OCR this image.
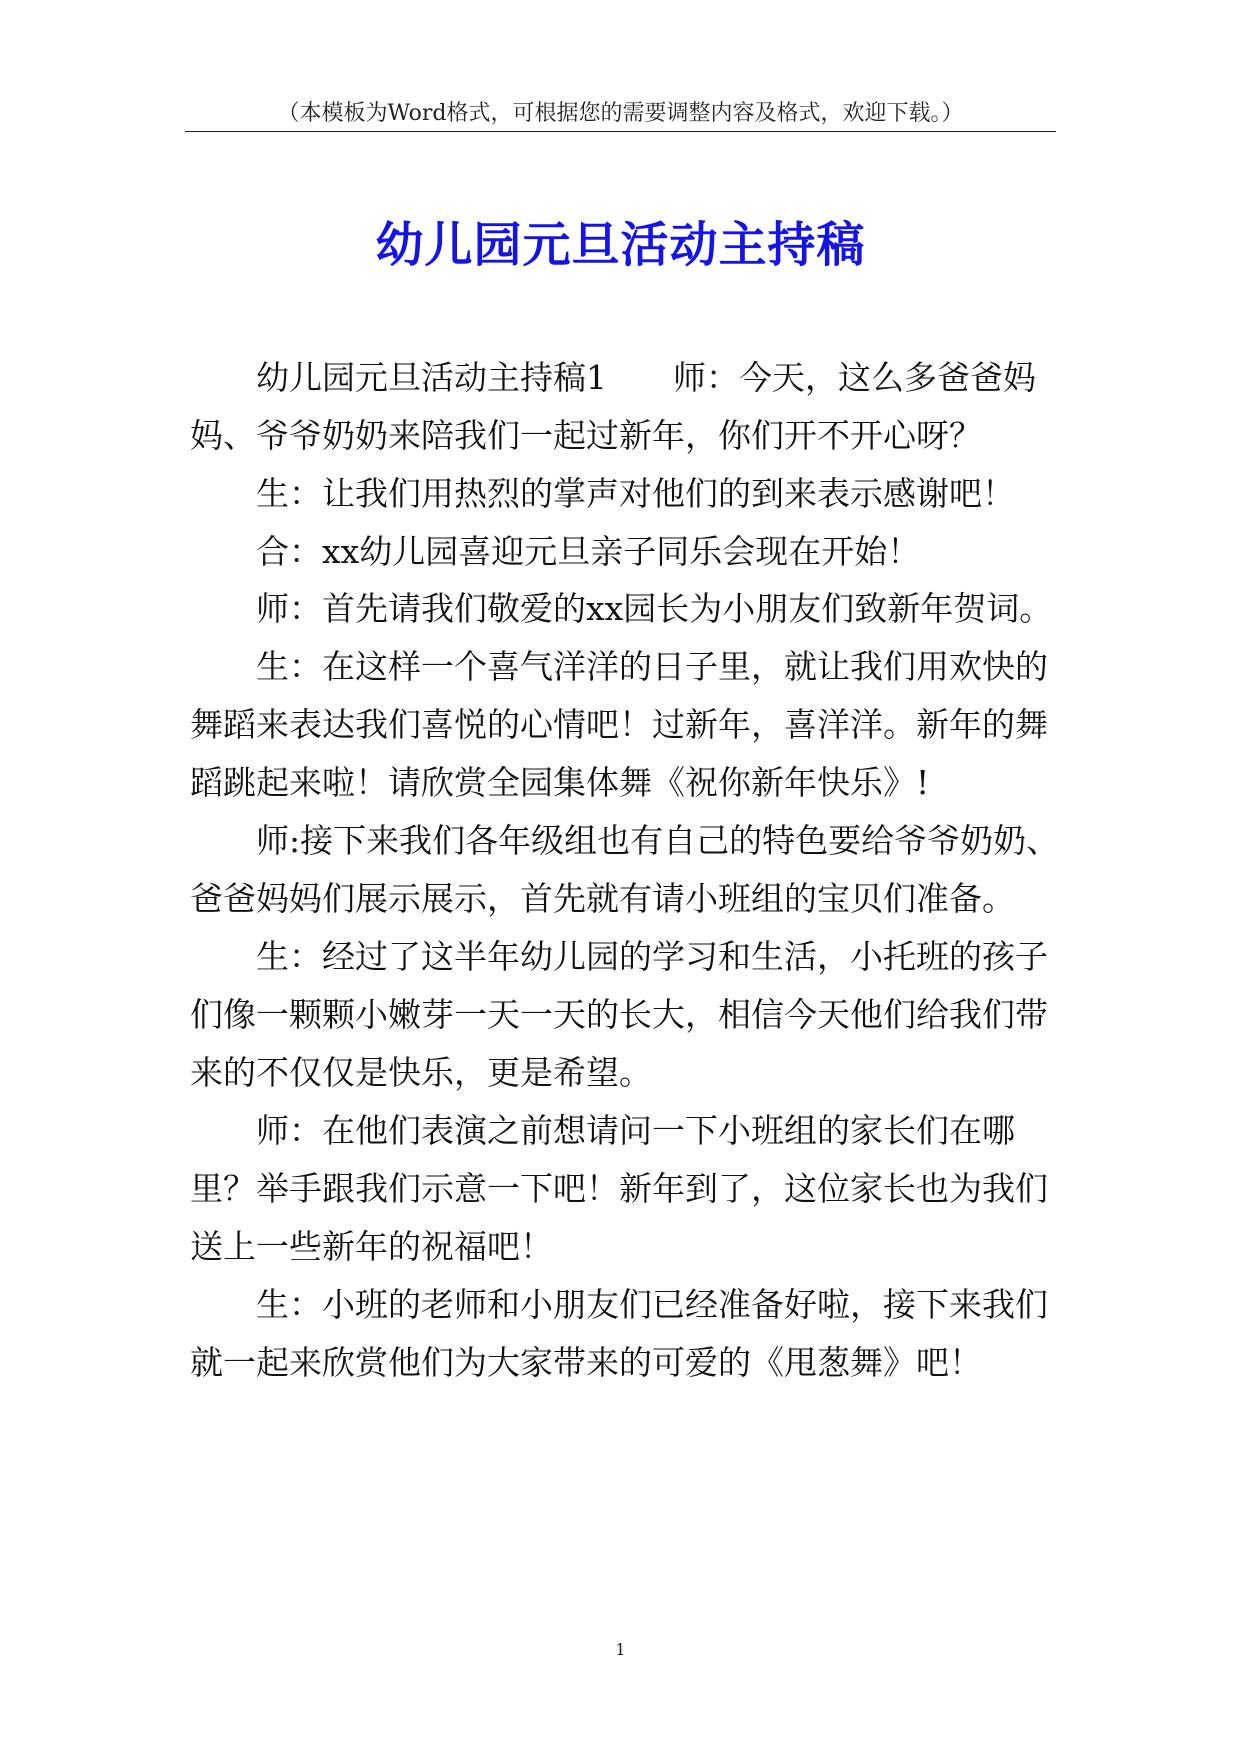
（本模板为Word格式，可根据您的需要调整内容及格式，欢迎下载。）
幼儿园元旦活动主持稿
幼儿园元旦活动主持稿1　　师：今天，这么多爸爸妈
妈、爷爷奶奶来陪我们一起过新年，你们开不开心呀？
生：让我们用热烈的掌声对他们的到来表示感谢吧！
合：xx幼儿园喜迎元旦亲子同乐会现在开始！
师：首先请我们敬爱的xx园长为小朋友们致新年贺词。
生：在这样一个喜气洋洋的日子里，就让我们用欢快的
舞蹈来表达我们喜悦的心情吧！过新年，喜洋洋。新年的舞
蹈跳起来啦！请欣赏全园集体舞《祝你新年快乐》!
师:接下来我们各年级组也有自己的特色要给爷爷奶奶、
爸爸妈妈们展示展示，首先就有请小班组的宝贝们准备。
生：经过了这半年幼儿园的学习和生活，小托班的孩子
们像一颗颗小嫩芽一天一天的长大，相信今天他们给我们带
来的不仅仅是快乐，更是希望。
师：在他们表演之前想请问一下小班组的家长们在哪
里？举手跟我们示意一下吧！新年到了，这位家长也为我们
送上一些新年的祝福吧！
生：小班的老师和小朋友们已经准备好啦，接下来我们
就一起来欣赏他们为大家带来的可爱的《甩葱舞》吧！
1
